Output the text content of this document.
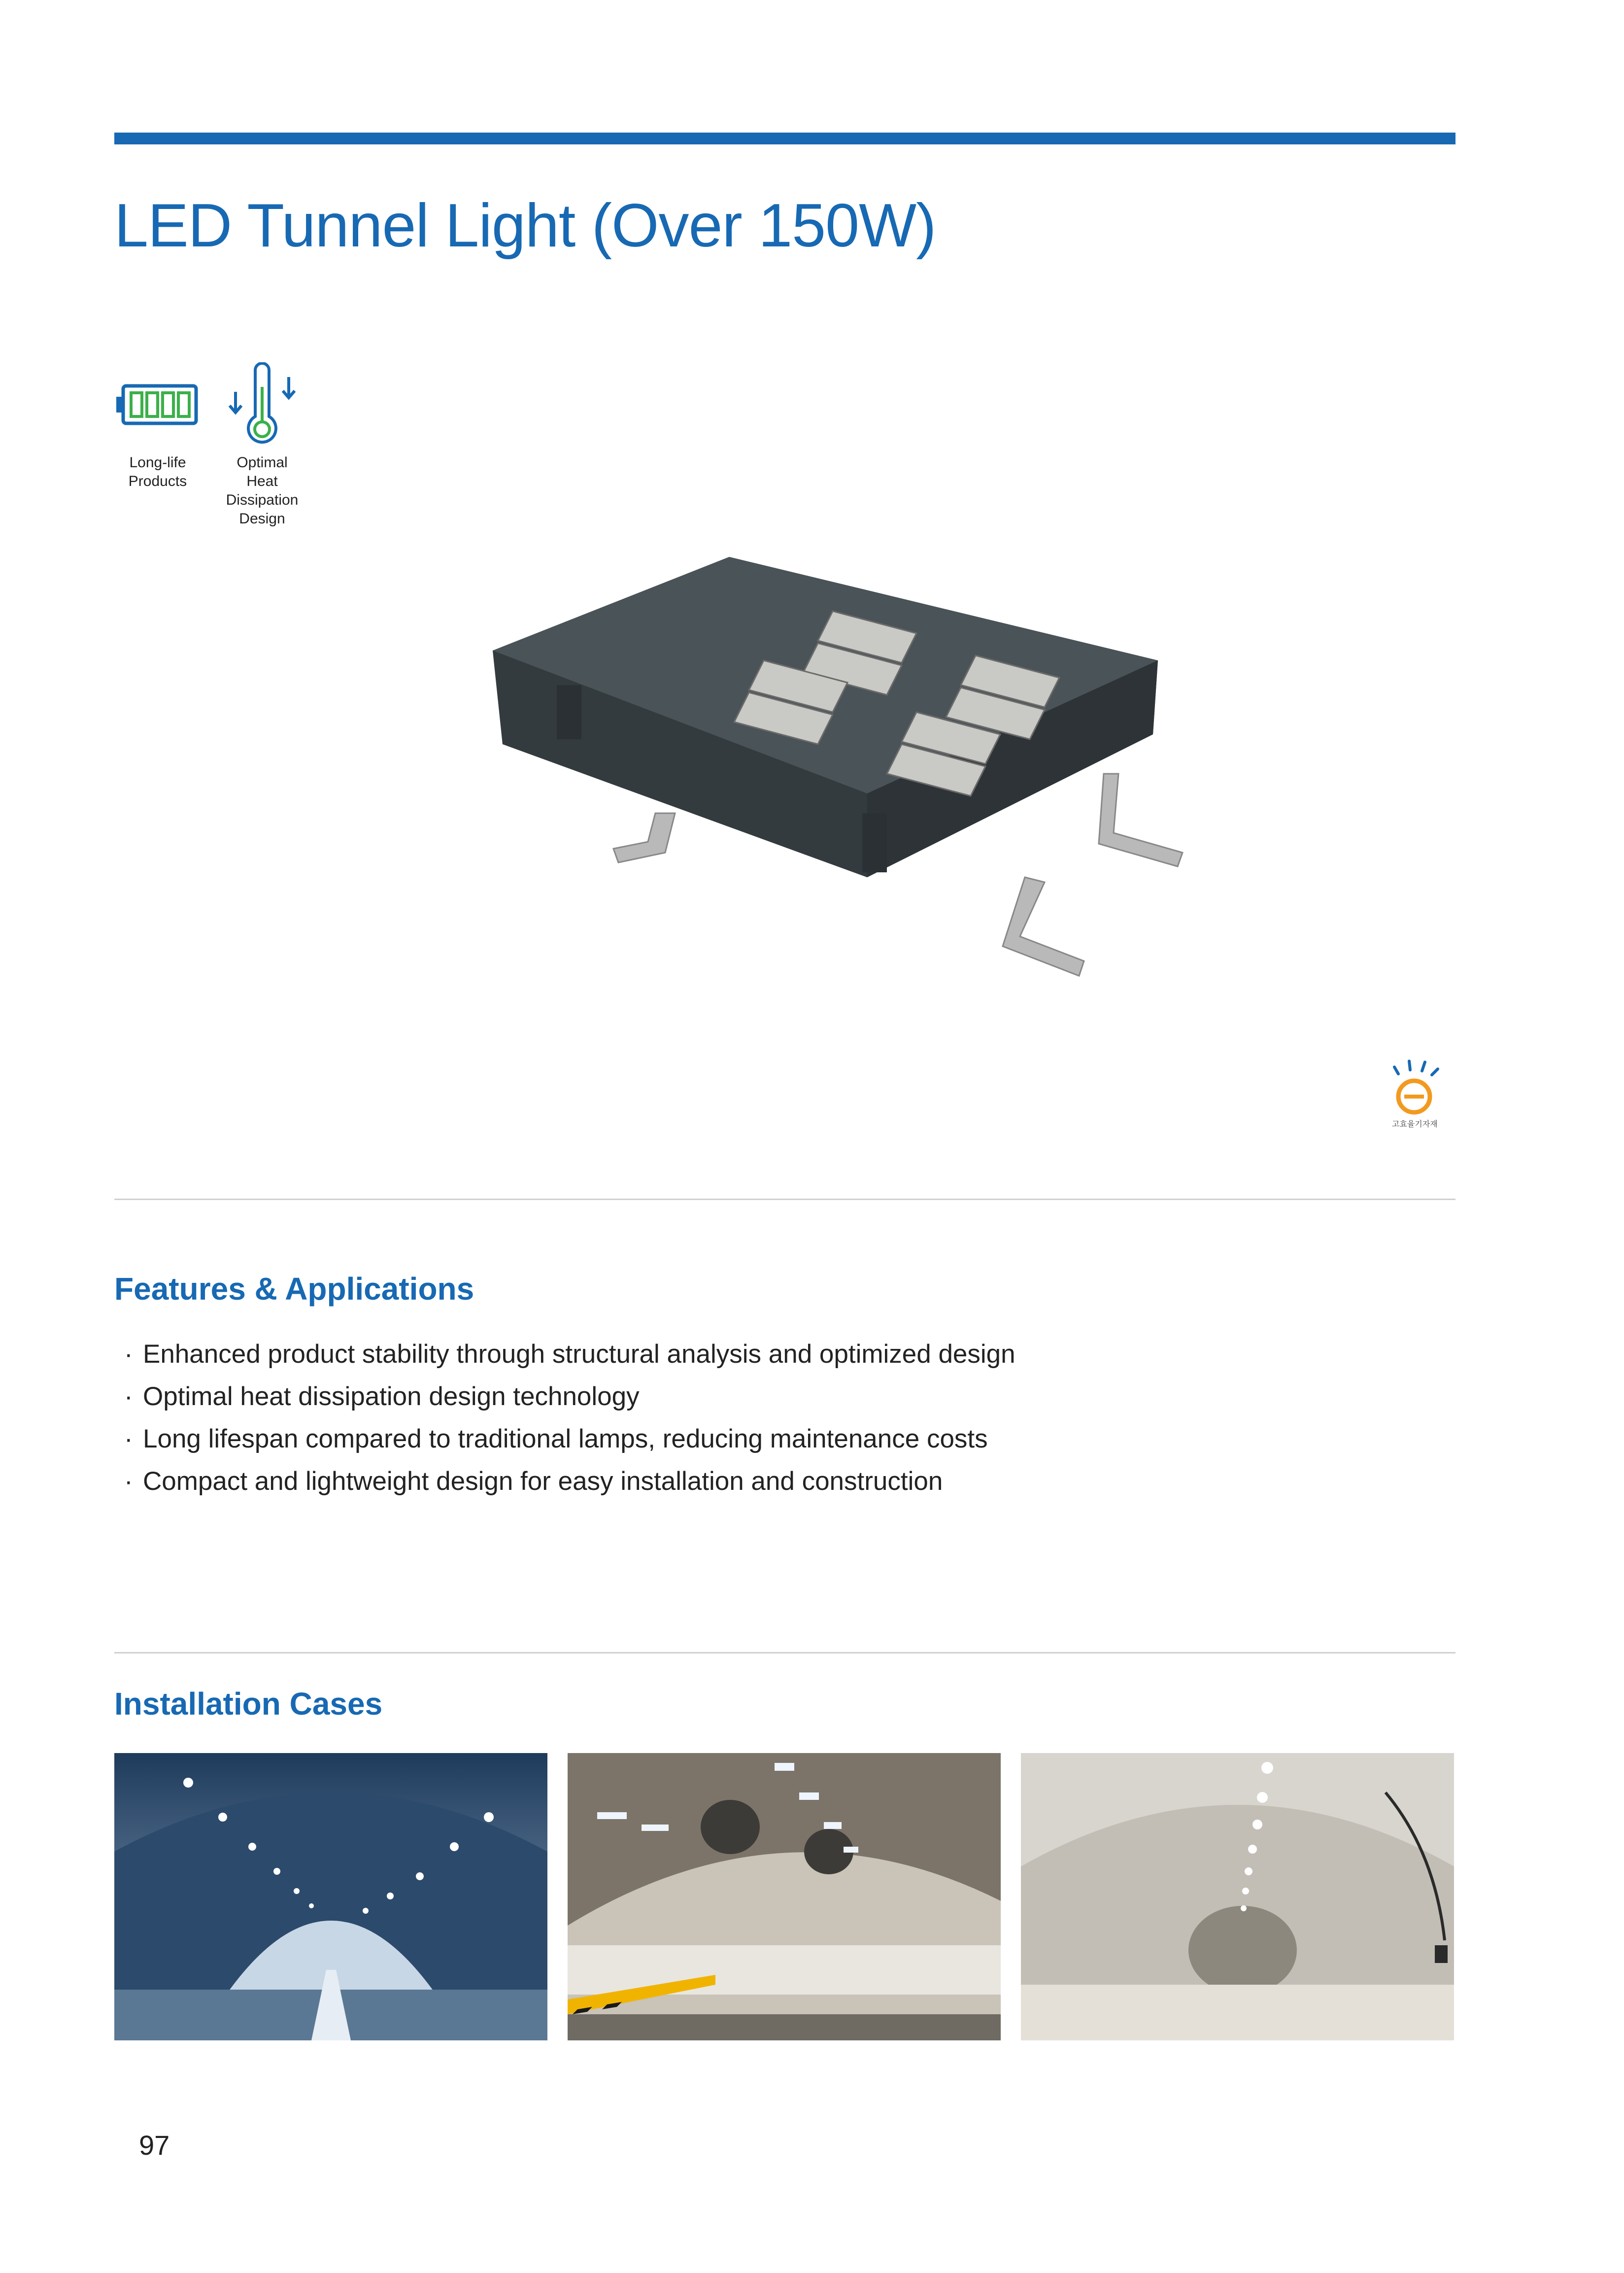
LED Tunnel Light (Over 150W)
Long-life
Products
Optimal
Heat
Dissipation
Design
고효율기자재
Features & Applications
· Enhanced product stability through structural analysis and optimized design
· Optimal heat dissipation design technology
· Long lifespan compared to traditional lamps, reducing maintenance costs
· Compact and lightweight design for easy installation and construction
Installation Cases
97
